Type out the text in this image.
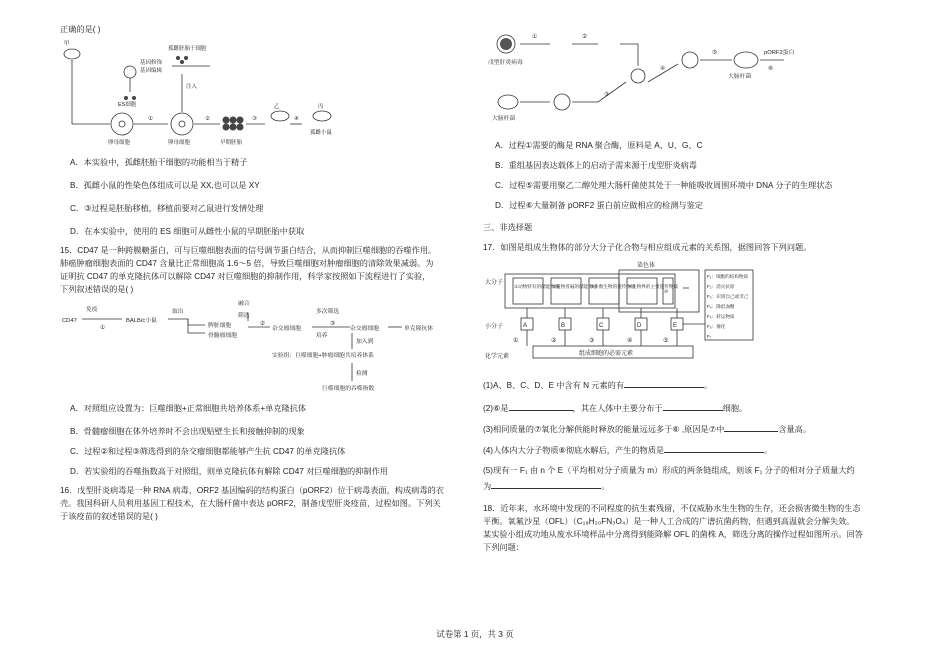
正确的是( )
甲
基因修饰
基因编辑
孤雌胚胎干细胞
ES细胞
卵母细胞	卵母细胞	早期胚胎
乙	丙
孤雌小鼠
注入
①	②	③	④
A．本实验中，孤雌胚胎干细胞的功能相当于精子
B．孤雌小鼠的性染色体组成可以是 XX,也可以是 XY
C．③过程是胚胎移植，移植前要对乙鼠进行发情处理
D．在本实验中，使用的 ES 细胞可从雌性小鼠的早期胚胎中获取
15．CD47 是一种跨膜糖蛋白，可与巨噬细胞表面的信号调节蛋白结合，从而抑制巨噬细胞的吞噬作用。
肺癌肿瘤细胞表面的 CD47 含量比正常细胞高 1.6～5 倍，导致巨噬细胞对肿瘤细胞的清除效果减弱。为
证明抗 CD47 的单克隆抗体可以解除 CD47 对巨噬细胞的抑制作用，科学家按照如下流程进行了实验，
下列叙述错误的是( )
免疫
CD47	BALB/c小鼠
取出
脾脏细胞
骨髓瘤细胞
融合
筛选
杂交瘤细胞
多次筛选
培养
杂交瘤细胞	单克隆抗体
加入到
实验组：巨噬细胞+肿瘤细胞共培养体系
检测
巨噬细胞的吞噬指数
①
②	③
A．对照组应设置为：巨噬细胞+正常细胞共培养体系+单克隆抗体
B．骨髓瘤细胞在体外培养时不会出现贴壁生长和接触抑制的现象
C．过程②和过程③筛选得到的杂交瘤细胞都能够产生抗 CD47 的单克隆抗体
D．若实验组的吞噬指数高于对照组，则单克隆抗体有解除 CD47 对巨噬细胞的抑制作用
16．戊型肝炎病毒是一种 RNA 病毒，ORF2 基因编码的结构蛋白（pORF2）位于病毒表面，构成病毒的衣
壳。我国科研人员利用基因工程技术，在大肠杆菌中表达 pORF2，制备戊型肝炎疫苗，过程如图。下列关
于该疫苗的叙述错误的是( )
戊型肝炎病毒
大肠杆菌
大肠杆菌
pORF2蛋白
①	②
③
④
⑤
⑥
A．过程①需要的酶是 RNA 聚合酶，原料是 A、U、G、C
B．重组基因表达载体上的启动子需来源于戊型肝炎病毒
C．过程⑤需要用聚乙二醇处理大肠杆菌使其处于一种能吸收周围环境中 DNA 分子的生理状态
D．过程⑥大量制备 pORF2 蛋白前应做相应的检测与鉴定
三、非选择题
17．如图是组成生物体的部分大分子化合物与相应组成元素的关系图，据图回答下列问题。
大分子
小分子
化学元素
染色体
A	B	C	D	E
①	②	③	④	⑤
组成细胞的必需元素
①动物特有的储能物质
②植物普遍的储能物质
③少数生物的遗传物质
④生物界的主要遗传物质
⑩
F₁：细胞的结构物质
F₂：消灭抗原
F₃：识别自己或非己
F₄：降低血糖
F₅：转运物质
F₆：催化
F₇
(1)A、B、C、D、E 中含有 N 元素的有	。
(2)⑥是	，其在人体中主要分布于	细胞。
(3)相同质量的⑦氧化分解供能时释放的能量远远多于⑥ ,原因是⑦中	含量高。
(4)人体内大分子物质⑧彻底水解后，产生的物质是	。
(5)现有一 F₁ 由 n 个 E（平均相对分子质量为 m）形成的两条链组成，则该 F₁ 分子的相对分子质量大约
为	。
18．近年来，水环境中发现的不同程度的抗生素残留，不仅威胁水生生物的生存，还会损害微生物的生态
平衡。氧氟沙星（OFL）（C₁₈H₂₀FN₃O₄）是一种人工合成的广谱抗菌药物，但遇到高温就会分解失效。
某实验小组成功地从废水环境样品中分离得到能降解 OFL 的菌株 A，筛选分离的操作过程如图所示。回答
下列问题：
试卷第 1 页，共 3 页
